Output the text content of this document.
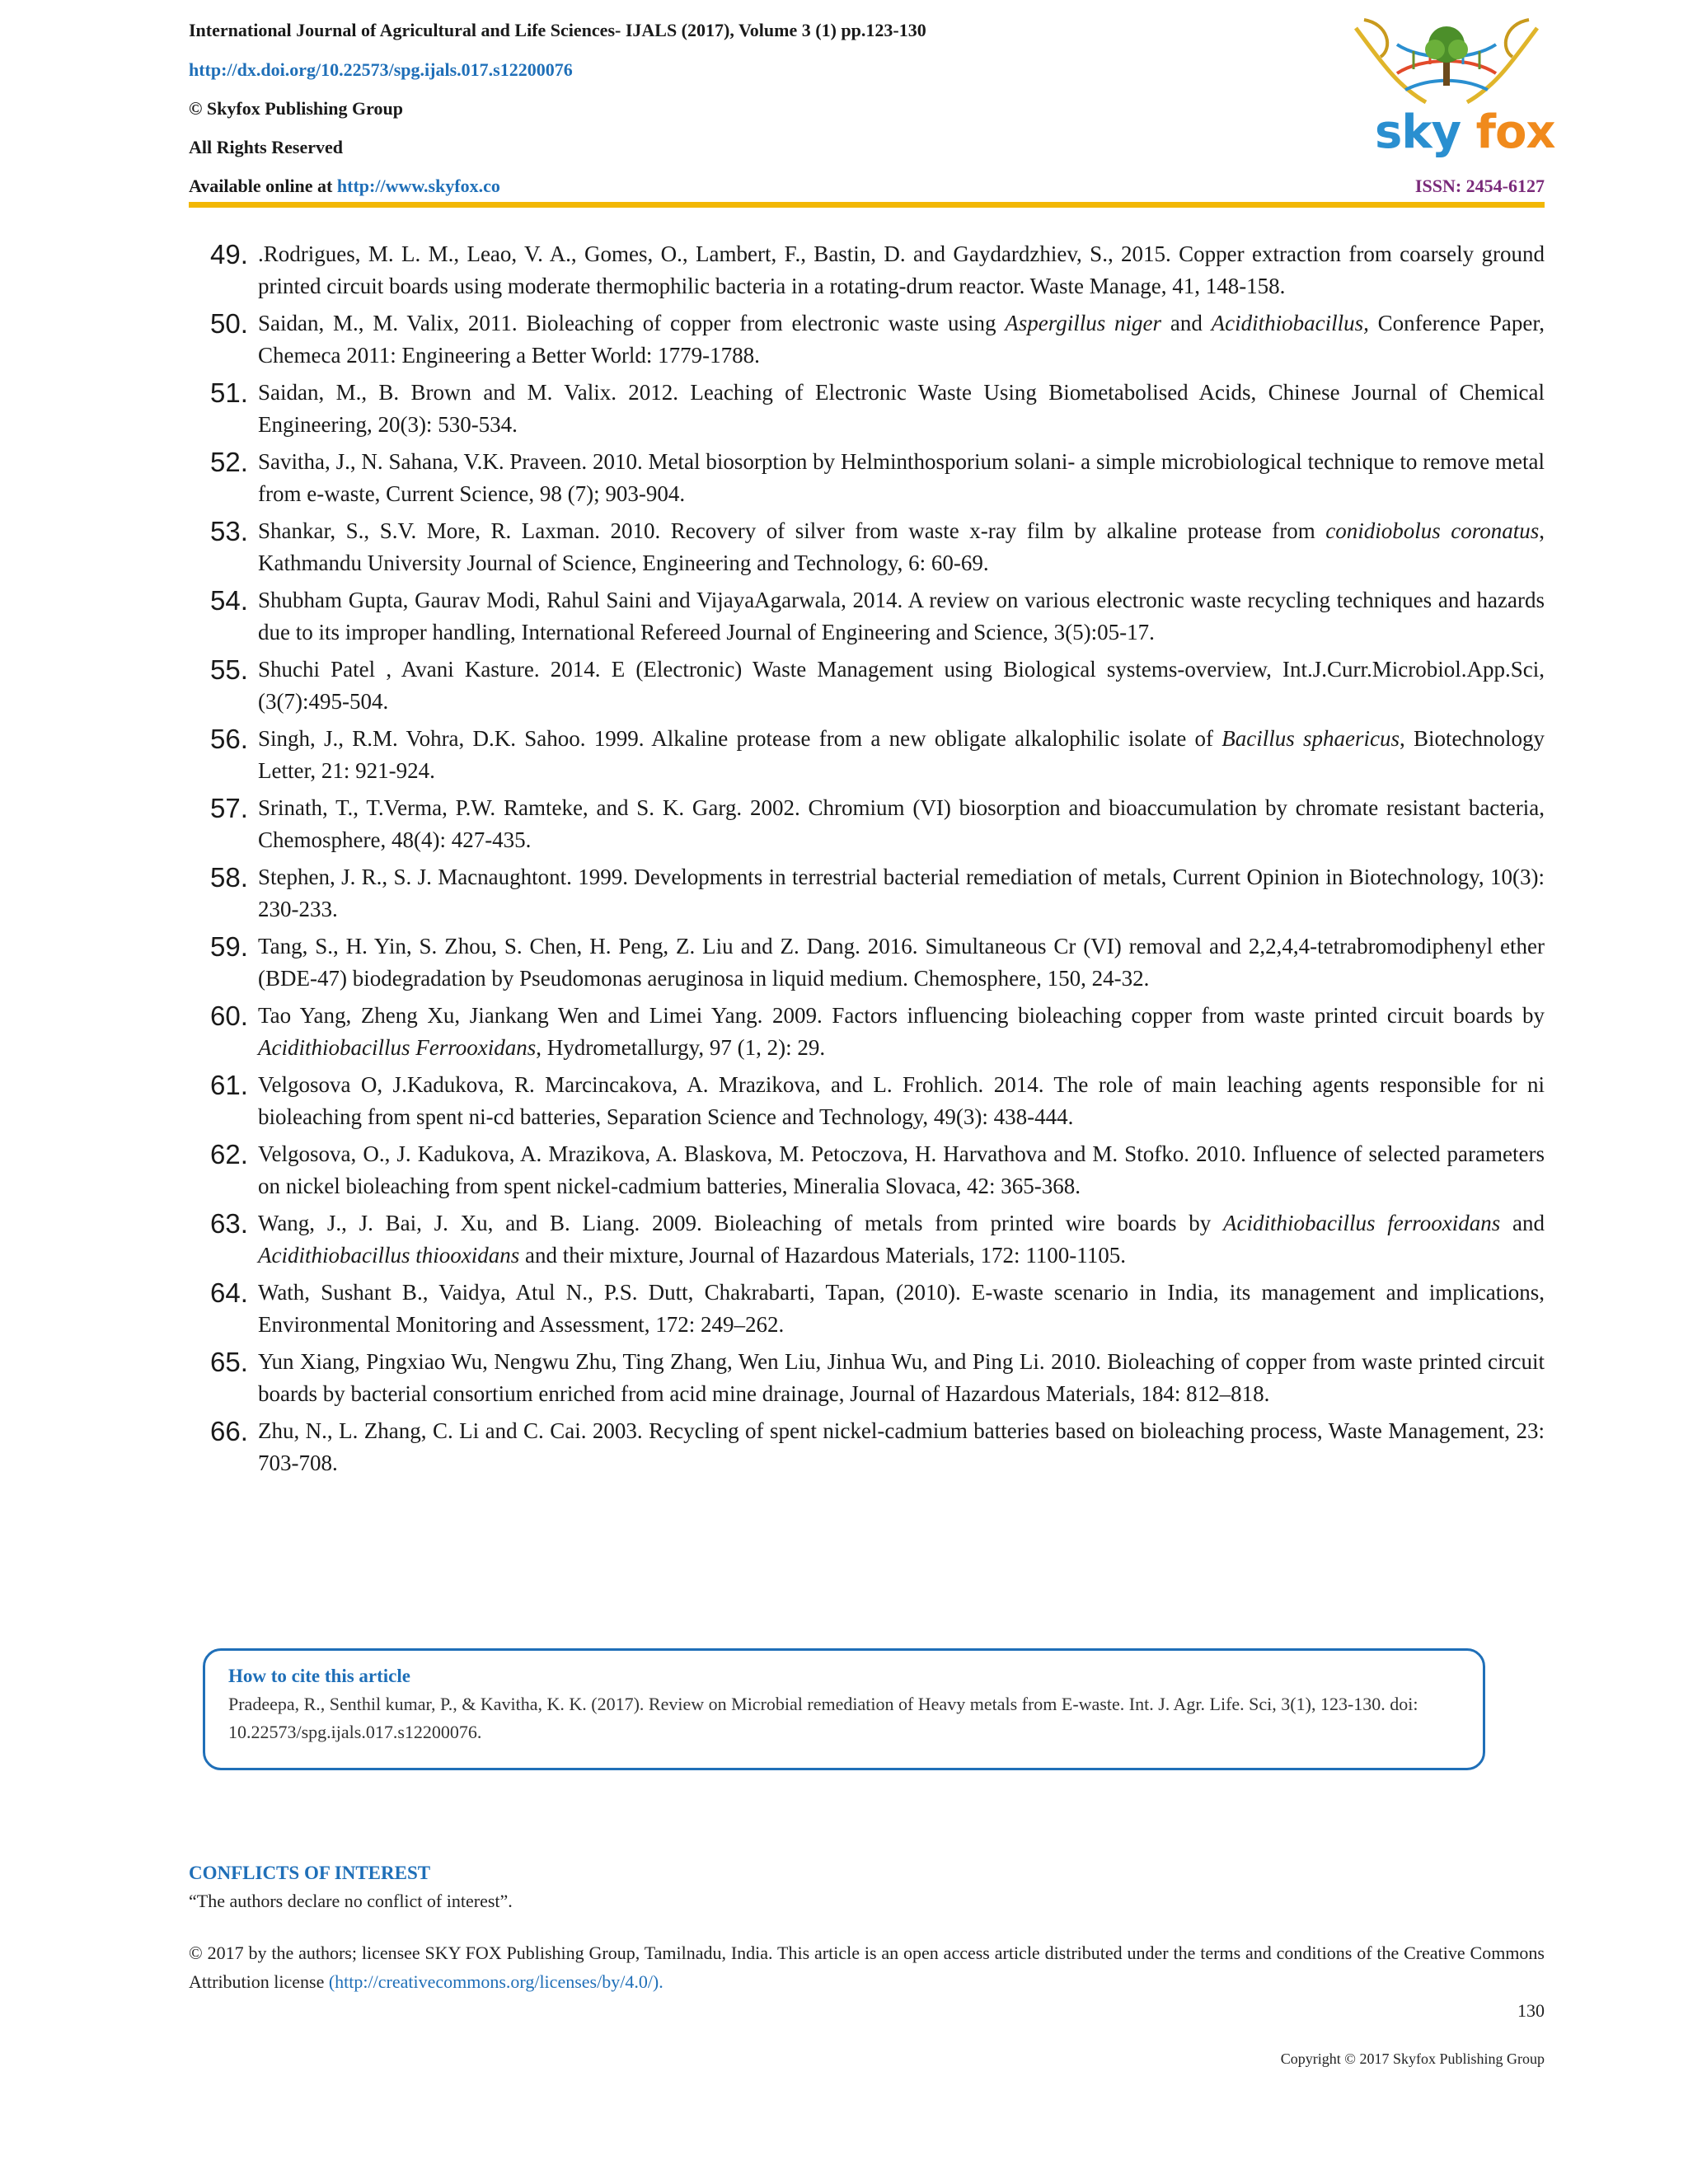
International Journal of Agricultural and Life Sciences- IJALS (2017), Volume 3 (1) pp.123-130
http://dx.doi.org/10.22573/spg.ijals.017.s12200076
© Skyfox Publishing Group
All Rights Reserved
Available online at http://www.skyfox.co	ISSN: 2454-6127
sky fox
49. .Rodrigues, M. L. M., Leao, V. A., Gomes, O., Lambert, F., Bastin, D. and Gaydardzhiev, S., 2015. Copper extraction from coarsely ground printed circuit boards using moderate thermophilic bacteria in a rotating-drum reactor. Waste Manage, 41, 148-158.
50. Saidan, M., M. Valix, 2011. Bioleaching of copper from electronic waste using Aspergillus niger and Acidithiobacillus, Conference Paper, Chemeca 2011: Engineering a Better World: 1779-1788.
51. Saidan, M., B. Brown and M. Valix. 2012. Leaching of Electronic Waste Using Biometabolised Acids, Chinese Journal of Chemical Engineering, 20(3): 530-534.
52. Savitha, J., N. Sahana, V.K. Praveen. 2010. Metal biosorption by Helminthosporium solani- a simple microbiological technique to remove metal from e-waste, Current Science, 98 (7); 903-904.
53. Shankar, S., S.V. More, R. Laxman. 2010. Recovery of silver from waste x-ray film by alkaline protease from conidiobolus coronatus, Kathmandu University Journal of Science, Engineering and Technology, 6: 60-69.
54. Shubham Gupta, Gaurav Modi, Rahul Saini and VijayaAgarwala, 2014. A review on various electronic waste recycling techniques and hazards due to its improper handling, International Refereed Journal of Engineering and Science, 3(5):05-17.
55. Shuchi Patel , Avani Kasture. 2014. E (Electronic) Waste Management using Biological systems-overview, Int.J.Curr.Microbiol.App.Sci, (3(7):495-504.
56. Singh, J., R.M. Vohra, D.K. Sahoo. 1999. Alkaline protease from a new obligate alkalophilic isolate of Bacillus sphaericus, Biotechnology Letter, 21: 921-924.
57. Srinath, T., T.Verma, P.W. Ramteke, and S. K. Garg. 2002. Chromium (VI) biosorption and bioaccumulation by chromate resistant bacteria, Chemosphere, 48(4): 427-435.
58. Stephen, J. R., S. J. Macnaughtont. 1999. Developments in terrestrial bacterial remediation of metals, Current Opinion in Biotechnology, 10(3): 230-233.
59. Tang, S., H. Yin, S. Zhou, S. Chen, H. Peng, Z. Liu and Z. Dang. 2016. Simultaneous Cr (VI) removal and 2,2,4,4-tetrabromodiphenyl ether (BDE-47) biodegradation by Pseudomonas aeruginosa in liquid medium. Chemosphere, 150, 24-32.
60. Tao Yang, Zheng Xu, Jiankang Wen and Limei Yang. 2009. Factors influencing bioleaching copper from waste printed circuit boards by Acidithiobacillus Ferrooxidans, Hydrometallurgy, 97 (1, 2): 29.
61. Velgosova O, J.Kadukova, R. Marcincakova, A. Mrazikova, and L. Frohlich. 2014. The role of main leaching agents responsible for ni bioleaching from spent ni-cd batteries, Separation Science and Technology, 49(3): 438-444.
62. Velgosova, O., J. Kadukova, A. Mrazikova, A. Blaskova, M. Petoczova, H. Harvathova and M. Stofko. 2010. Influence of selected parameters on nickel bioleaching from spent nickel-cadmium batteries, Mineralia Slovaca, 42: 365-368.
63. Wang, J., J. Bai, J. Xu, and B. Liang. 2009. Bioleaching of metals from printed wire boards by Acidithiobacillus ferrooxidans and Acidithiobacillus thiooxidans and their mixture, Journal of Hazardous Materials, 172: 1100-1105.
64. Wath, Sushant B., Vaidya, Atul N., P.S. Dutt, Chakrabarti, Tapan, (2010). E-waste scenario in India, its management and implications, Environmental Monitoring and Assessment, 172: 249–262.
65. Yun Xiang, Pingxiao Wu, Nengwu Zhu, Ting Zhang, Wen Liu, Jinhua Wu, and Ping Li. 2010. Bioleaching of copper from waste printed circuit boards by bacterial consortium enriched from acid mine drainage, Journal of Hazardous Materials, 184: 812–818.
66. Zhu, N., L. Zhang, C. Li and C. Cai. 2003. Recycling of spent nickel-cadmium batteries based on bioleaching process, Waste Management, 23: 703-708.
How to cite this article
Pradeepa, R., Senthil kumar, P., & Kavitha, K. K. (2017). Review on Microbial remediation of Heavy metals from E-waste. Int. J. Agr. Life. Sci, 3(1), 123-130. doi: 10.22573/spg.ijals.017.s12200076.
CONFLICTS OF INTEREST
“The authors declare no conflict of interest”.
© 2017 by the authors; licensee SKY FOX Publishing Group, Tamilnadu, India. This article is an open access article distributed under the terms and conditions of the Creative Commons Attribution license (http://creativecommons.org/licenses/by/4.0/).
130
Copyright © 2017 Skyfox Publishing Group
